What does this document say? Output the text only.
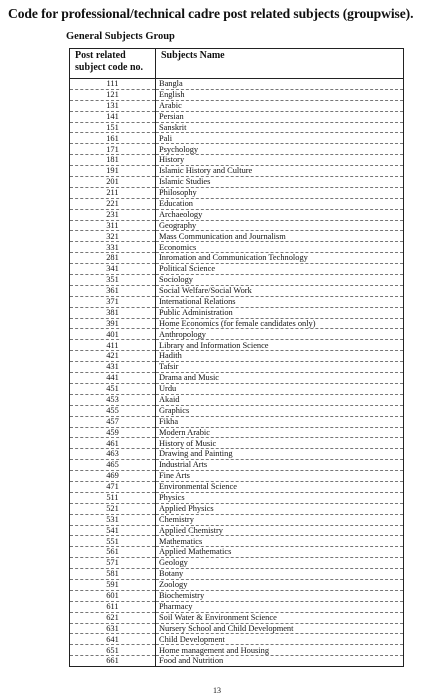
Code for professional/technical cadre post related subjects (groupwise).
General Subjects Group
Post related subject code no.	Subjects Name
111	Bangla
121	English
131	Arabic
141	Persian
151	Sanskrit
161	Pali
171	Psychology
181	History
191	Islamic History and Culture
201	Islamic Studies
211	Philosophy
221	Education
231	Archaeology
311	Geography
321	Mass Communication and Journalism
331	Economics
281	Inromation and Communication Technology
341	Political Science
351	Sociology
361	Social Welfare/Social Work
371	International Relations
381	Public Administration
391	Home Economics (for female candidates only)
401	Anthropology
411	Library and Information Science
421	Hadith
431	Tafsir
441	Drama and Music
451	Urdu
453	Akaid
455	Graphics
457	Fikha
459	Modern Arabic
461	History of Music
463	Drawing and Painting
465	Industrial Arts
469	Fine Arts
471	Environmental Science
511	Physics
521	Applied Physics
531	Chemistry
541	Applied Chemistry
551	Mathematics
561	Applied Mathematics
571	Geology
581	Botany
591	Zoology
601	Biochemistry
611	Pharmacy
621	Soil Water & Environment Science
631	Nursery School and Child Development
641	Child Development
651	Home management and Housing
661	Food and Nutrition
13
